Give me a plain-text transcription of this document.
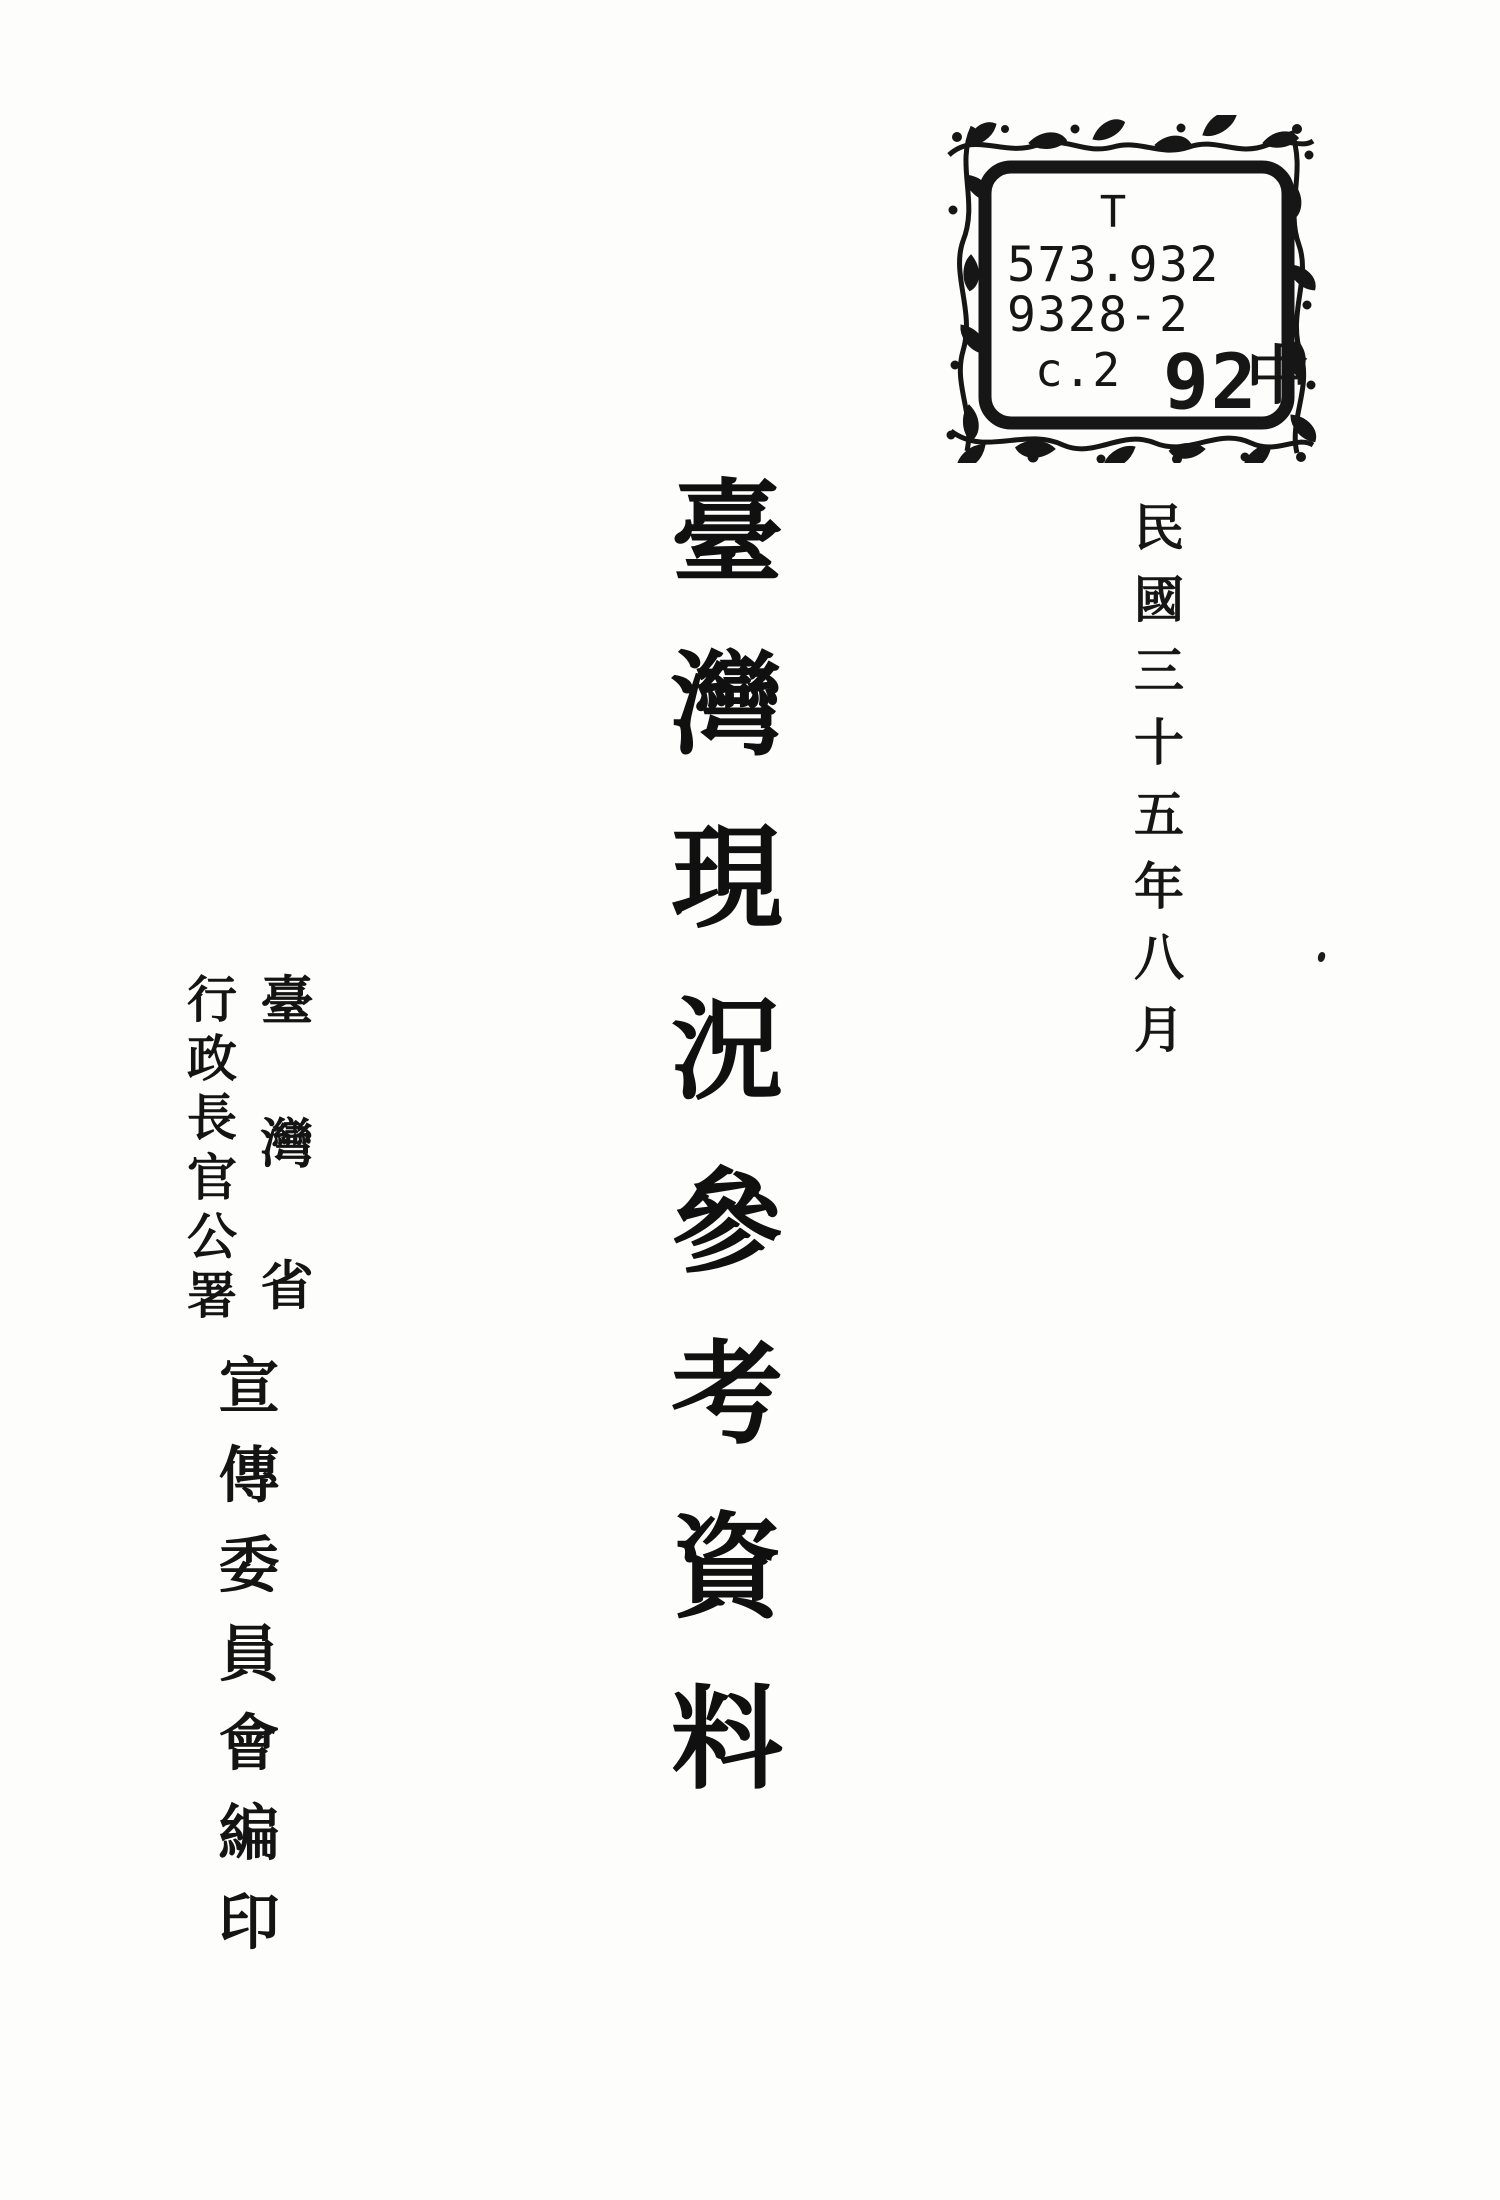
T
573.932
9328-2
c.2 92
中
民
國
三
十
五
年
八
月
臺
灣
現
況
參
考
資
料
臺
灣
省
行
政
長
官
公
署
宣
傳
委
員
會
編
印
